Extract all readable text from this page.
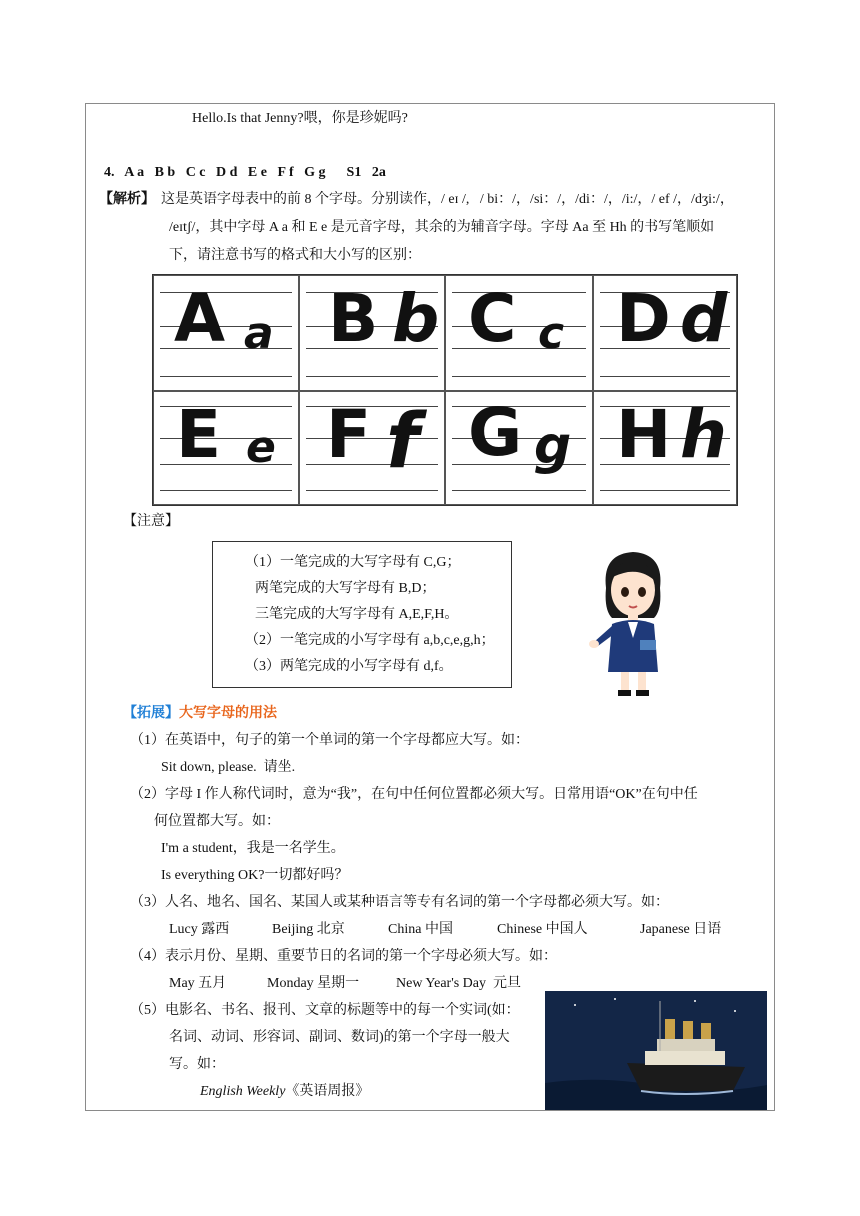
Hello.Is that Jenny?喂，你是珍妮吗?
4.   A a   B b   C c   D d   E e   F f   G g      S1   2a
【解析】 这是英语字母表中的前 8 个字母。分别读作，/ eɪ /,   / bi：/，/si：/，/di：/，/i:/，/ ef /，/dʒi:/，
/eɪtʃ/，其中字母 A a 和 E e 是元音字母，其余的为辅音字母。字母 Aa 至 Hh 的书写笔顺如
下，请注意书写的格式和大小写的区别：
A a B b C c D d
E e F f G g H h
【注意】
（1）一笔完成的大写字母有 C,G；
两笔完成的大写字母有 B,D；
三笔完成的大写字母有 A,E,F,H。
（2）一笔完成的小写字母有 a,b,c,e,g,h；
（3）两笔完成的小写字母有 d,f。
【拓展】大写字母的用法
（1）在英语中，句子的第一个单词的第一个字母都应大写。如：
Sit down, please.  请坐.
（2）字母 I 作人称代词时，意为“我”，在句中任何位置都必须大写。日常用语“OK”在句中任
何位置都大写。如：
I'm a student，我是一名学生。
Is everything OK?一切都好吗？
（3）人名、地名、国名、某国人或某种语言等专有名词的第一个字母都必须大写。如：
Lucy 露西	Beijing 北京	China 中国	Chinese 中国人	Japanese 日语
（4）表示月份、星期、重要节日的名词的第一个字母必须大写。如：
May 五月	Monday 星期一	New Year's Day  元旦
（5）电影名、书名、报刊、文章的标题等中的每一个实词(如：
名词、动词、形容词、副词、数词)的第一个字母一般大
写。如：
English Weekly《英语周报》
